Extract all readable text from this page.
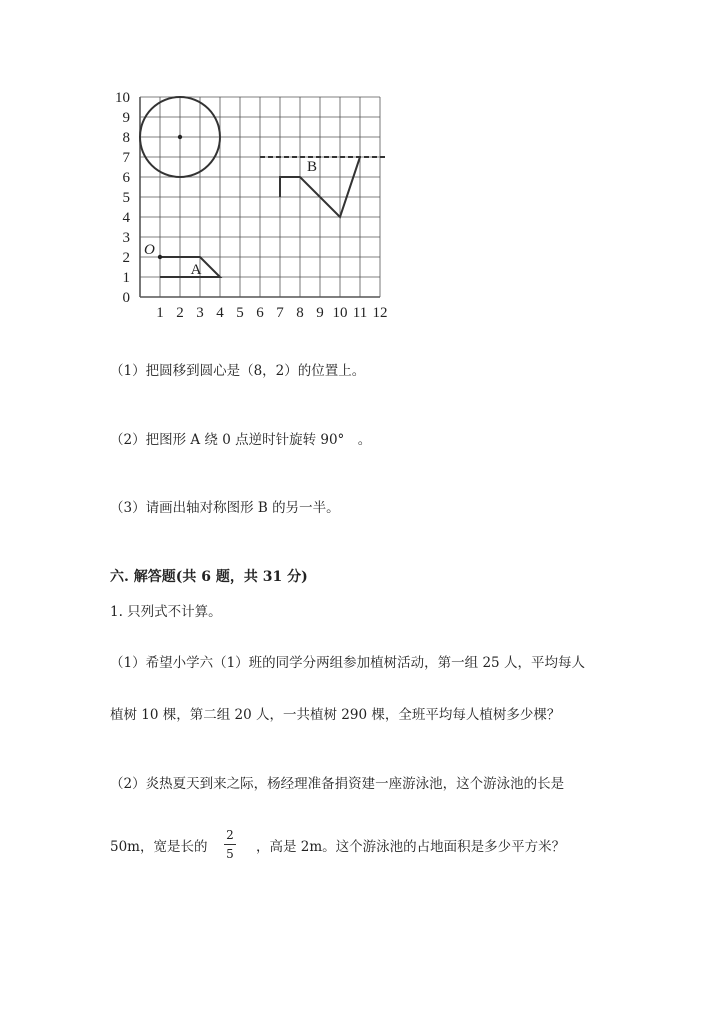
1 2 3 4 5 6 7 8 9 10 11 12
0
1
2
3
4
5
6
7
8
9
10
O
A
B
（1）把圆移到圆心是（8，2）的位置上。
（2）把图形 A 绕 0 点逆时针旋转 90°　。
（3）请画出轴对称图形 B 的另一半。
六. 解答题(共 6 题，共 31 分)
1. 只列式不计算。
（1）希望小学六（1）班的同学分两组参加植树活动，第一组 25 人，平均每人
植树 10 棵，第二组 20 人，一共植树 290 棵，全班平均每人植树多少棵？
（2）炎热夏天到来之际，杨经理准备捐资建一座游泳池，这个游泳池的长是
50m，宽是长的
2
5	，高是 2m。这个游泳池的占地面积是多少平方米？
